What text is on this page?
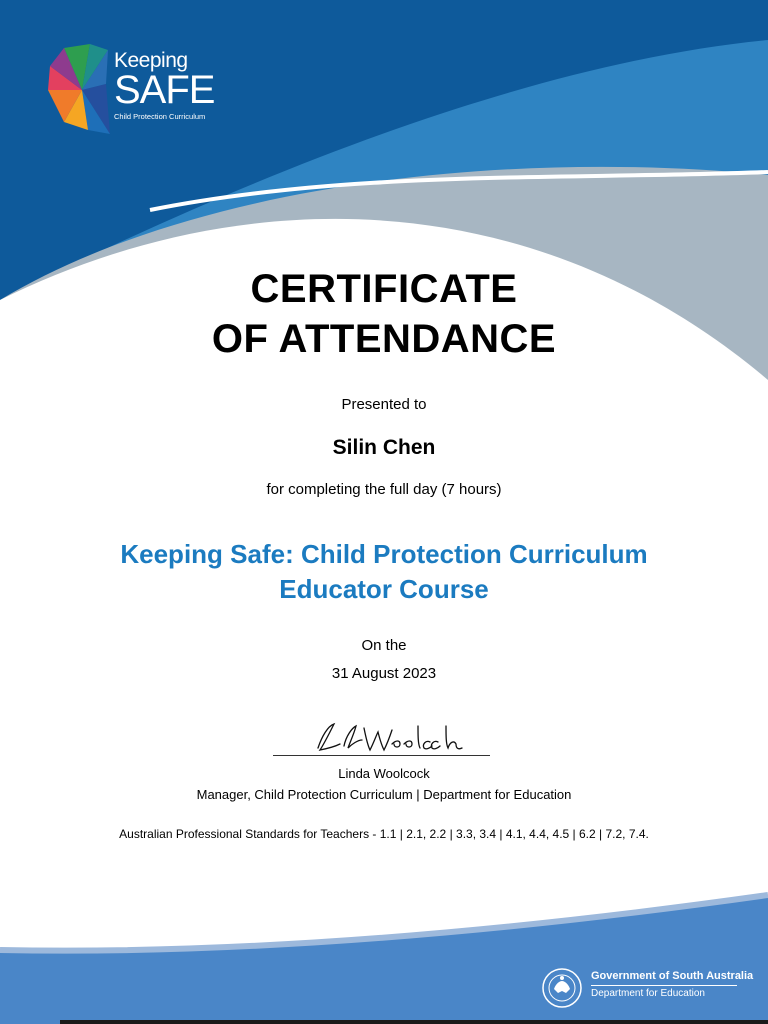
Keeping
SAFE
Child Protection Curriculum
CERTIFICATE
OF ATTENDANCE
Presented to
Silin Chen
for completing the full day (7 hours)
Keeping Safe: Child Protection Curriculum
Educator Course
On the
31 August 2023
Linda Woolcock
Manager, Child Protection Curriculum | Department for Education
Australian Professional Standards for Teachers - 1.1 | 2.1, 2.2 | 3.3, 3.4 | 4.1, 4.4, 4.5 | 6.2 | 7.2, 7.4.
Government of South Australia
Department for Education
